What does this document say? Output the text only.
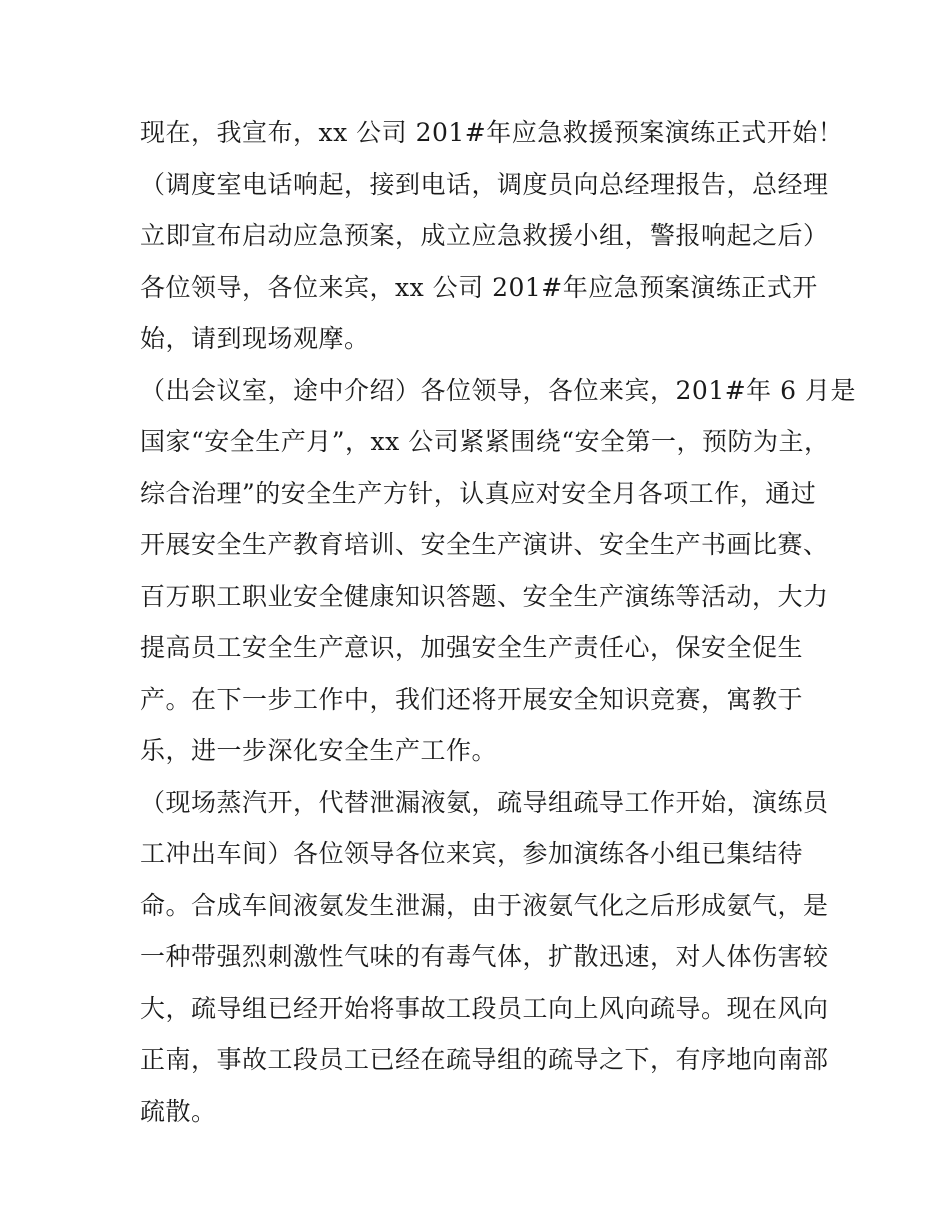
现在，我宣布，xx 公司 201#年应急救援预案演练正式开始！
（调度室电话响起，接到电话，调度员向总经理报告，总经理
立即宣布启动应急预案，成立应急救援小组，警报响起之后）
各位领导，各位来宾，xx 公司 201#年应急预案演练正式开
始，请到现场观摩。
（出会议室，途中介绍）各位领导，各位来宾，201#年 6 月是
国家“安全生产月”，xx 公司紧紧围绕“安全第一，预防为主，
综合治理”的安全生产方针，认真应对安全月各项工作，通过
开展安全生产教育培训、安全生产演讲、安全生产书画比赛、
百万职工职业安全健康知识答题、安全生产演练等活动，大力
提高员工安全生产意识，加强安全生产责任心，保安全促生
产。在下一步工作中，我们还将开展安全知识竞赛，寓教于
乐，进一步深化安全生产工作。
（现场蒸汽开，代替泄漏液氨，疏导组疏导工作开始，演练员
工冲出车间）各位领导各位来宾，参加演练各小组已集结待
命。合成车间液氨发生泄漏，由于液氨气化之后形成氨气，是
一种带强烈刺激性气味的有毒气体，扩散迅速，对人体伤害较
大，疏导组已经开始将事故工段员工向上风向疏导。现在风向
正南，事故工段员工已经在疏导组的疏导之下，有序地向南部
疏散。
